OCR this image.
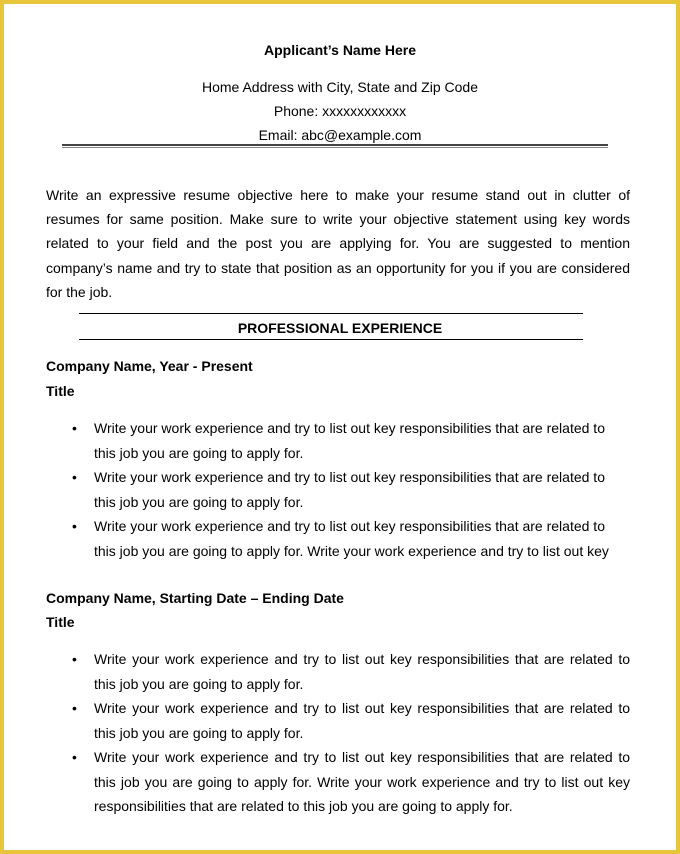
Applicant’s Name Here
Home Address with City, State and Zip Code
Phone: xxxxxxxxxxxx
Email: abc@example.com

Write an expressive resume objective here to make your resume stand out in clutter of resumes for same position. Make sure to write your objective statement using key words related to your field and the post you are applying for. You are suggested to mention company’s name and try to state that position as an opportunity for you if you are considered for the job.

PROFESSIONAL EXPERIENCE
Company Name, Year - Present
Title
• Write your work experience and try to list out key responsibilities that are related to this job you are going to apply for.
• Write your work experience and try to list out key responsibilities that are related to this job you are going to apply for.
• Write your work experience and try to list out key responsibilities that are related to this job you are going to apply for. Write your work experience and try to list out key
Company Name, Starting Date – Ending Date
Title
• Write your work experience and try to list out key responsibilities that are related to this job you are going to apply for.
• Write your work experience and try to list out key responsibilities that are related to this job you are going to apply for.
• Write your work experience and try to list out key responsibilities that are related to this job you are going to apply for. Write your work experience and try to list out key responsibilities that are related to this job you are going to apply for.
